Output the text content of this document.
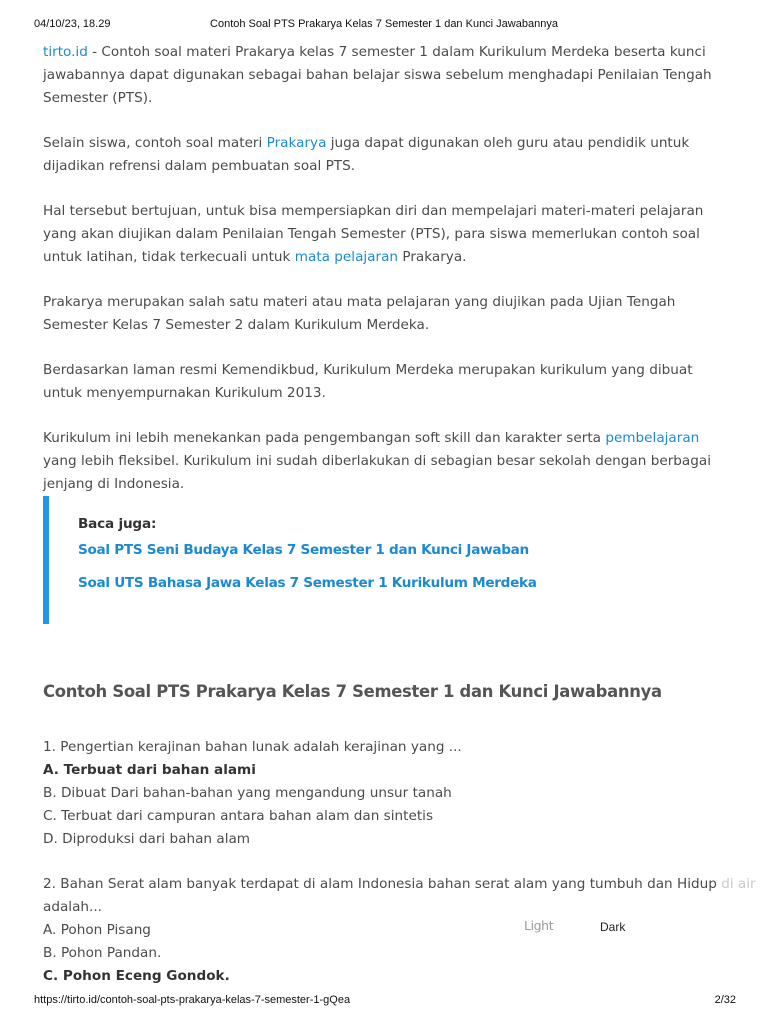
04/10/23, 18.29	Contoh Soal PTS Prakarya Kelas 7 Semester 1 dan Kunci Jawabannya

tirto.id - Contoh soal materi Prakarya kelas 7 semester 1 dalam Kurikulum Merdeka beserta kunci jawabannya dapat digunakan sebagai bahan belajar siswa sebelum menghadapi Penilaian Tengah Semester (PTS).

Selain siswa, contoh soal materi Prakarya juga dapat digunakan oleh guru atau pendidik untuk dijadikan refrensi dalam pembuatan soal PTS.

Hal tersebut bertujuan, untuk bisa mempersiapkan diri dan mempelajari materi-materi pelajaran yang akan diujikan dalam Penilaian Tengah Semester (PTS), para siswa memerlukan contoh soal untuk latihan, tidak terkecuali untuk mata pelajaran Prakarya.

Prakarya merupakan salah satu materi atau mata pelajaran yang diujikan pada Ujian Tengah Semester Kelas 7 Semester 2 dalam Kurikulum Merdeka.

Berdasarkan laman resmi Kemendikbud, Kurikulum Merdeka merupakan kurikulum yang dibuat untuk menyempurnakan Kurikulum 2013.

Kurikulum ini lebih menekankan pada pengembangan soft skill dan karakter serta pembelajaran yang lebih fleksibel. Kurikulum ini sudah diberlakukan di sebagian besar sekolah dengan berbagai jenjang di Indonesia.

Baca juga:
Soal PTS Seni Budaya Kelas 7 Semester 1 dan Kunci Jawaban
Soal UTS Bahasa Jawa Kelas 7 Semester 1 Kurikulum Merdeka
Contoh Soal PTS Prakarya Kelas 7 Semester 1 dan Kunci Jawabannya
1. Pengertian kerajinan bahan lunak adalah kerajinan yang ...
A. Terbuat dari bahan alami
B. Dibuat Dari bahan-bahan yang mengandung unsur tanah
C. Terbuat dari campuran antara bahan alam dan sintetis
D. Diproduksi dari bahan alam
2. Bahan Serat alam banyak terdapat di alam Indonesia bahan serat alam yang tumbuh dan Hidup di air
adalah...
A. Pohon Pisang
B. Pohon Pandan.
C. Pohon Eceng Gondok.
Light	Dark
https://tirto.id/contoh-soal-pts-prakarya-kelas-7-semester-1-gQea	2/32
